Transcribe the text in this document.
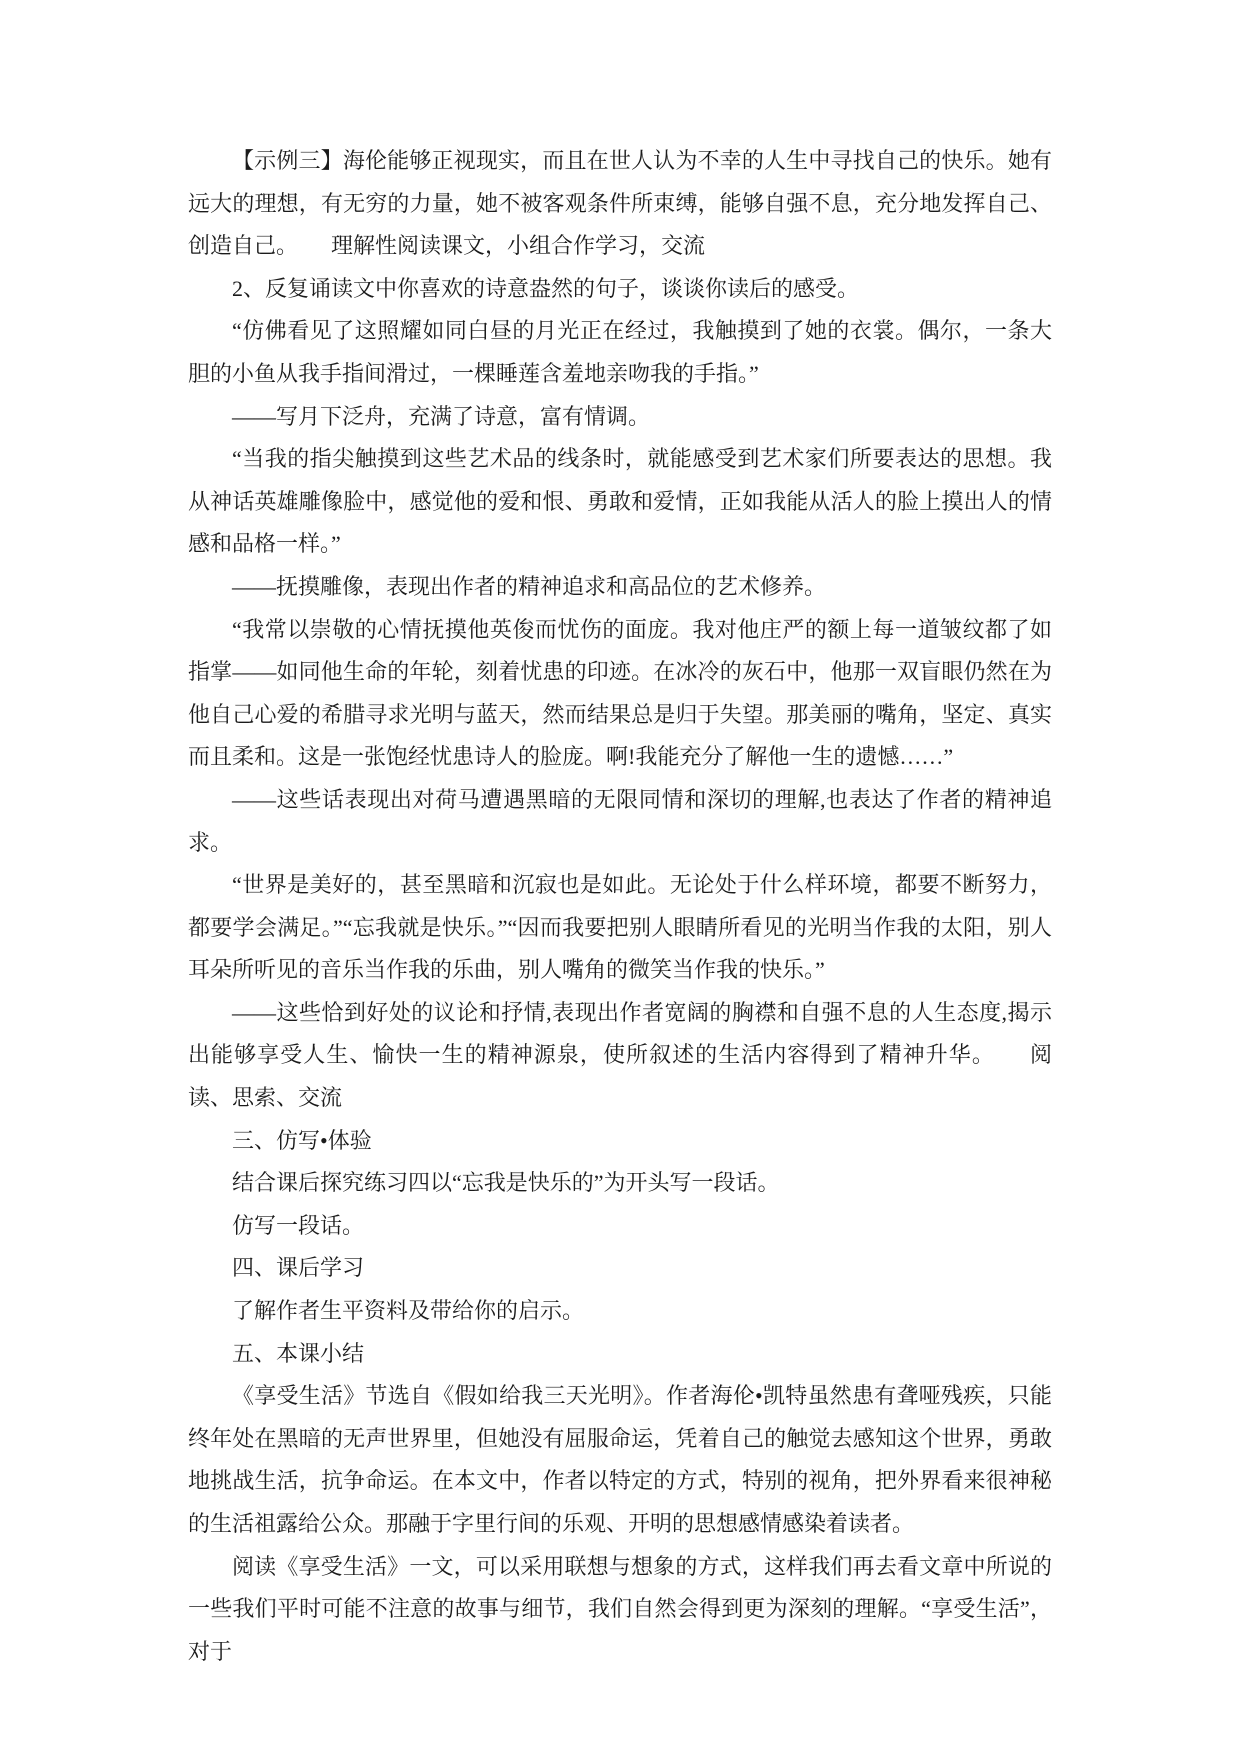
【示例三】海伦能够正视现实，而且在世人认为不幸的人生中寻找自己的快乐。她有远大的理想，有无穷的力量，她不被客观条件所束缚，能够自强不息，充分地发挥自己、创造自己。　　理解性阅读课文，小组合作学习，交流

2、反复诵读文中你喜欢的诗意盎然的句子，谈谈你读后的感受。

“仿佛看见了这照耀如同白昼的月光正在经过，我触摸到了她的衣裳。偶尔，一条大胆的小鱼从我手指间滑过，一棵睡莲含羞地亲吻我的手指。”

——写月下泛舟，充满了诗意，富有情调。

“当我的指尖触摸到这些艺术品的线条时，就能感受到艺术家们所要表达的思想。我从神话英雄雕像脸中，感觉他的爱和恨、勇敢和爱情，正如我能从活人的脸上摸出人的情感和品格一样。”

——抚摸雕像，表现出作者的精神追求和高品位的艺术修养。

“我常以崇敬的心情抚摸他英俊而忧伤的面庞。我对他庄严的额上每一道皱纹都了如指掌——如同他生命的年轮，刻着忧患的印迹。在冰冷的灰石中，他那一双盲眼仍然在为他自己心爱的希腊寻求光明与蓝天，然而结果总是归于失望。那美丽的嘴角，坚定、真实而且柔和。这是一张饱经忧患诗人的脸庞。啊!我能充分了解他一生的遗憾……”

——这些话表现出对荷马遭遇黑暗的无限同情和深切的理解,也表达了作者的精神追求。

“世界是美好的，甚至黑暗和沉寂也是如此。无论处于什么样环境，都要不断努力，都要学会满足。”“忘我就是快乐。”“因而我要把别人眼睛所看见的光明当作我的太阳，别人耳朵所听见的音乐当作我的乐曲，别人嘴角的微笑当作我的快乐。”

——这些恰到好处的议论和抒情,表现出作者宽阔的胸襟和自强不息的人生态度,揭示出能够享受人生、愉快一生的精神源泉，使所叙述的生活内容得到了精神升华。　　阅读、思索、交流

三、仿写•体验

结合课后探究练习四以“忘我是快乐的”为开头写一段话。

仿写一段话。

四、课后学习

了解作者生平资料及带给你的启示。

五、本课小结

《享受生活》节选自《假如给我三天光明》。作者海伦•凯特虽然患有聋哑残疾，只能终年处在黑暗的无声世界里，但她没有屈服命运，凭着自己的触觉去感知这个世界，勇敢地挑战生活，抗争命运。在本文中，作者以特定的方式，特别的视角，把外界看来很神秘的生活祖露给公众。那融于字里行间的乐观、开明的思想感情感染着读者。

阅读《享受生活》一文，可以采用联想与想象的方式，这样我们再去看文章中所说的一些我们平时可能不注意的故事与细节，我们自然会得到更为深刻的理解。“享受生活”，对于
